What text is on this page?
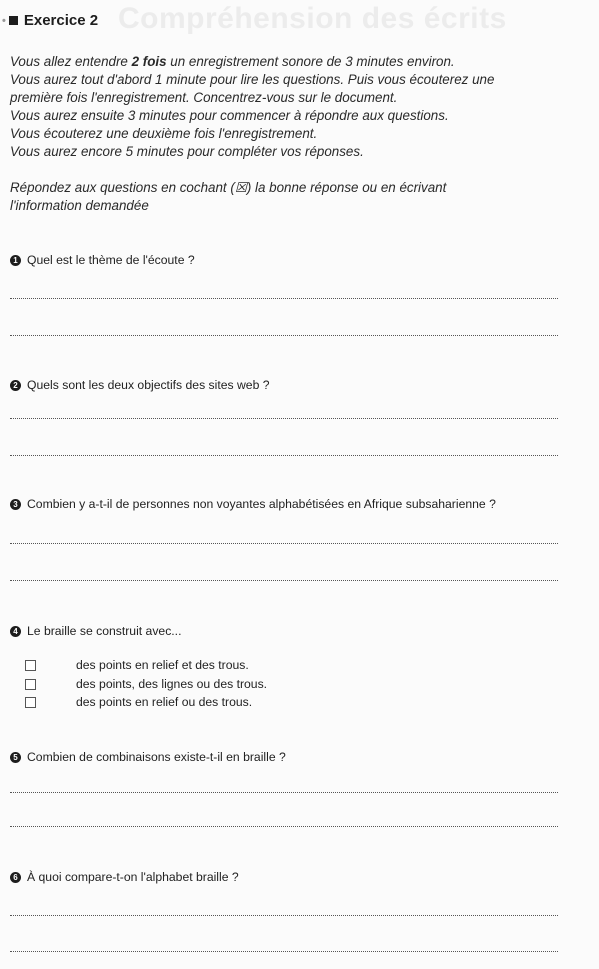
Compréhension des écrits
• Exercice 2

Vous allez entendre 2 fois un enregistrement sonore de 3 minutes environ.

Vous aurez tout d'abord 1 minute pour lire les questions. Puis vous écouterez une

première fois l'enregistrement. Concentrez-vous sur le document.

Vous aurez ensuite 3 minutes pour commencer à répondre aux questions.

Vous écouterez une deuxième fois l'enregistrement.

Vous aurez encore 5 minutes pour compléter vos réponses.

Répondez aux questions en cochant (☒) la bonne réponse ou en écrivant

l'information demandée

1 Quel est le thème de l'écoute ?
2 Quels sont les deux objectifs des sites web ?
3 Combien y a-t-il de personnes non voyantes alphabétisées en Afrique subsaharienne ?
4 Le braille se construit avec...
des points en relief et des trous.
des points, des lignes ou des trous.
des points en relief ou des trous.
5 Combien de combinaisons existe-t-il en braille ?
6 À quoi compare-t-on l'alphabet braille ?
